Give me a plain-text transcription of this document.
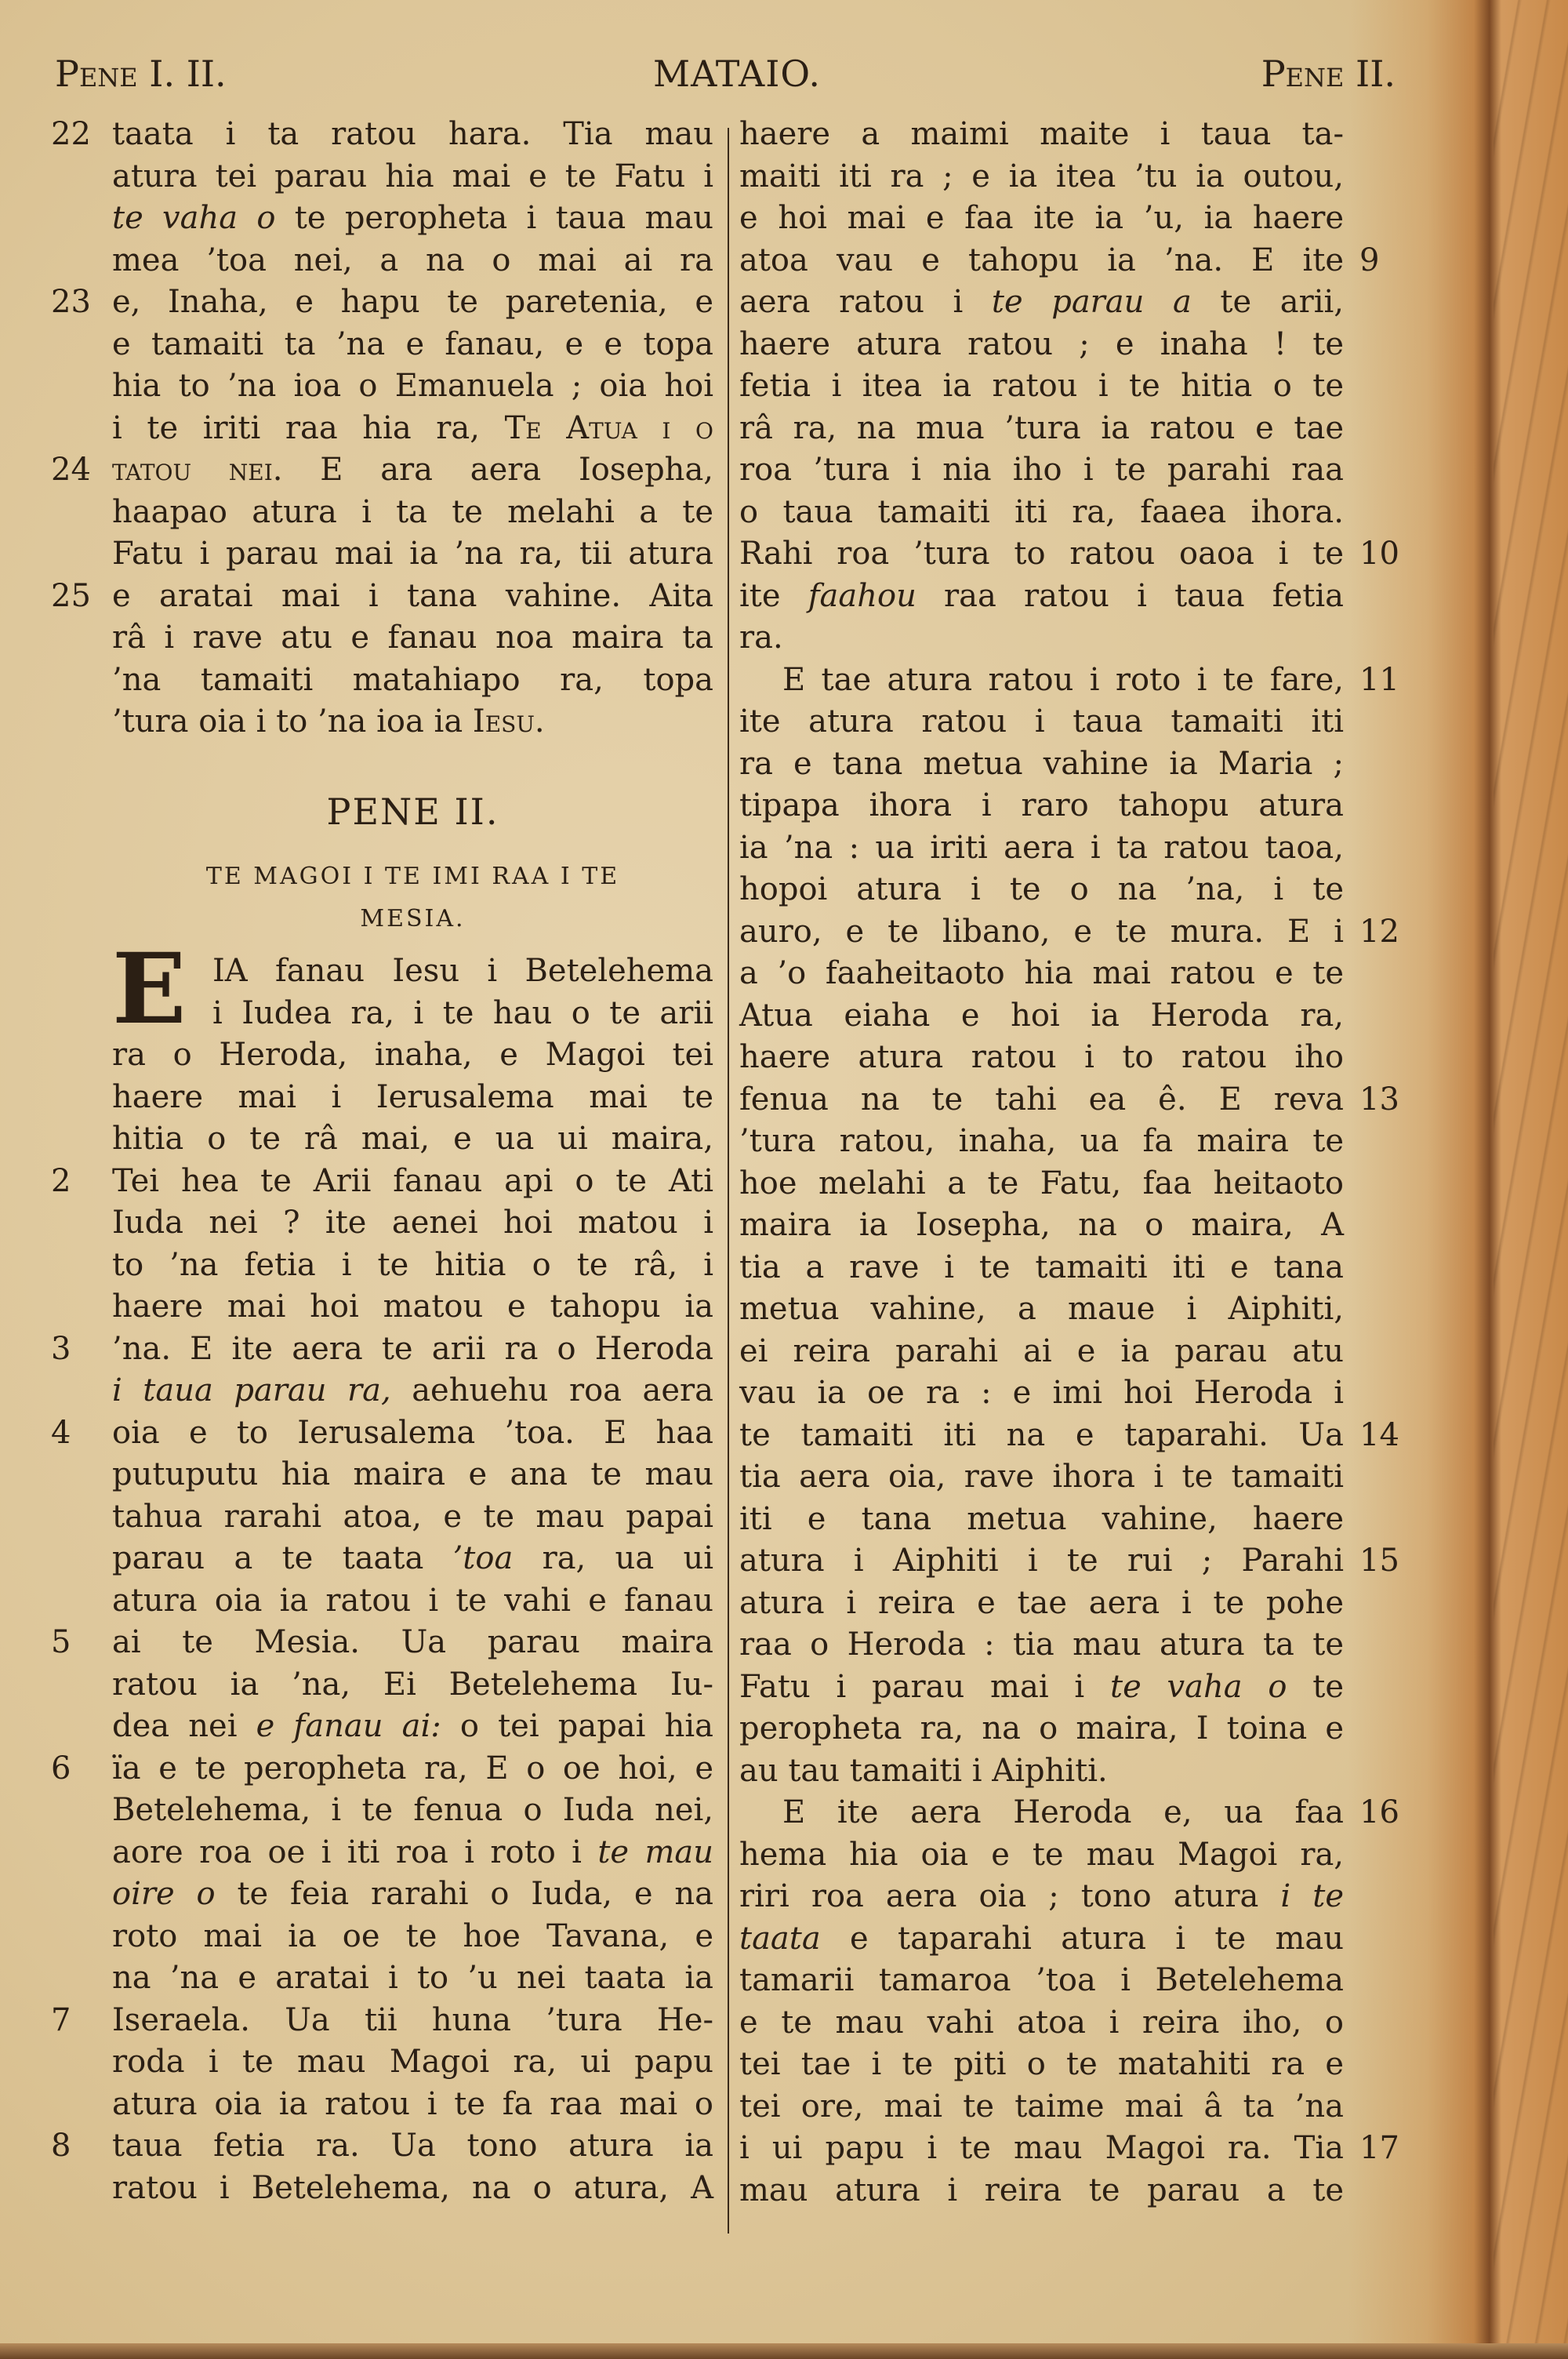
Pene I. II.	MATAIO.	Pene II.
22 taata i ta ratou hara. Tia mau
atura tei parau hia mai e te Fatu i
te vaha o te peropheta i taua mau
mea ’toa nei, a na o mai ai ra
23 e, Inaha, e hapu te paretenia, e
e tamaiti ta ’na e fanau, e e topa
hia to ’na ioa o Emanuela ; oia hoi
i te iriti raa hia ra, Te Atua i o
24 tatou nei. E ara aera Iosepha,
haapao atura i ta te melahi a te
Fatu i parau mai ia ’na ra, tii atura
25 e aratai mai i tana vahine. Aita
râ i rave atu e fanau noa maira ta
’na tamaiti matahiapo ra, topa
’tura oia i to ’na ioa ia Iesu.
PENE II.
TE MAGOI I TE IMI RAA I TE
MESIA.
E IA fanau Iesu i Betelehema
i Iudea ra, i te hau o te arii
ra o Heroda, inaha, e Magoi tei
haere mai i Ierusalema mai te
hitia o te râ mai, e ua ui maira,
2	Tei hea te Arii fanau api o te Ati
Iuda nei ? ite aenei hoi matou i
to ’na fetia i te hitia o te râ, i
haere mai hoi matou e tahopu ia
3	’na. E ite aera te arii ra o Heroda
i taua parau ra, aehuehu roa aera
4	oia e to Ierusalema ’toa. E haa
putuputu hia maira e ana te mau
tahua rarahi atoa, e te mau papai
parau a te taata ’toa ra, ua ui
atura oia ia ratou i te vahi e fanau
5	ai te Mesia. Ua parau maira
ratou ia ’na, Ei Betelehema Iu-
dea nei e fanau ai: o tei papai hia
6	ïa e te peropheta ra, E o oe hoi, e
Betelehema, i te fenua o Iuda nei,
aore roa oe i iti roa i roto i te mau
oire o te feia rarahi o Iuda, e na
roto mai ia oe te hoe Tavana, e
na ’na e aratai i to ’u nei taata ia
7	Iseraela. Ua tii huna ’tura He-
roda i te mau Magoi ra, ui papu
atura oia ia ratou i te fa raa mai o
8	taua fetia ra. Ua tono atura ia
ratou i Betelehema, na o atura, A
haere a maimi maite i taua ta-
maiti iti ra ; e ia itea ’tu ia outou,
e hoi mai e faa ite ia ’u, ia haere
9
atoa vau e tahopu ia ’na. E ite
aera ratou i te parau a te arii,
haere atura ratou ; e inaha ! te
fetia i itea ia ratou i te hitia o te
râ ra, na mua ’tura ia ratou e tae
roa ’tura i nia iho i te parahi raa
o taua tamaiti iti ra, faaea ihora.
10
Rahi roa ’tura to ratou oaoa i te
ite faahou raa ratou i taua fetia
ra.
11
E tae atura ratou i roto i te fare,
ite atura ratou i taua tamaiti iti
ra e tana metua vahine ia Maria ;
tipapa ihora i raro tahopu atura
ia ’na : ua iriti aera i ta ratou taoa,
hopoi atura i te o na ’na, i te
12
auro, e te libano, e te mura. E i
a ’o faaheitaoto hia mai ratou e te
Atua eiaha e hoi ia Heroda ra,
haere atura ratou i to ratou iho
13
fenua na te tahi ea ê. E reva
’tura ratou, inaha, ua fa maira te
hoe melahi a te Fatu, faa heitaoto
maira ia Iosepha, na o maira, A
tia a rave i te tamaiti iti e tana
metua vahine, a maue i Aiphiti,
ei reira parahi ai e ia parau atu
vau ia oe ra : e imi hoi Heroda i
14
te tamaiti iti na e taparahi. Ua
tia aera oia, rave ihora i te tamaiti
iti e tana metua vahine, haere
15
atura i Aiphiti i te rui ; Parahi
atura i reira e tae aera i te pohe
raa o Heroda : tia mau atura ta te
Fatu i parau mai i te vaha o te
peropheta ra, na o maira, I toina e
au tau tamaiti i Aiphiti.
16
E ite aera Heroda e, ua faa
hema hia oia e te mau Magoi ra,
riri roa aera oia ; tono atura i te
taata e taparahi atura i te mau
tamarii tamaroa ’toa i Betelehema
e te mau vahi atoa i reira iho, o
tei tae i te piti o te matahiti ra e
tei ore, mai te taime mai â ta ’na
17
i ui papu i te mau Magoi ra. Tia
mau atura i reira te parau a te
